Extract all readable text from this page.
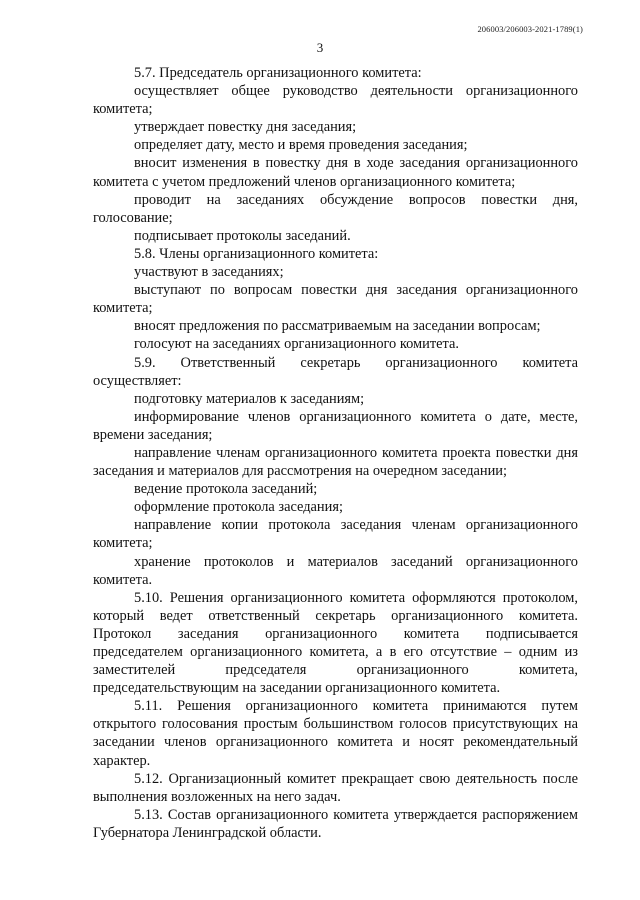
206003/206003-2021-1789(1)
3

5.7. Председатель организационного комитета:

осуществляет общее руководство деятельности организационного комитета;

утверждает повестку дня заседания;

определяет дату, место и время проведения заседания;

вносит изменения в повестку дня в ходе заседания организационного комитета с учетом предложений членов организационного комитета;

проводит на заседаниях обсуждение вопросов повестки дня, голосование;

подписывает протоколы заседаний.

5.8. Члены организационного комитета:

участвуют в заседаниях;

выступают по вопросам повестки дня заседания организационного комитета;

вносят предложения по рассматриваемым на заседании вопросам;

голосуют на заседаниях организационного комитета.

5.9. Ответственный секретарь организационного комитета осуществляет:

подготовку материалов к заседаниям;

информирование членов организационного комитета о дате, месте, времени заседания;

направление членам организационного комитета проекта повестки дня заседания и материалов для рассмотрения на очередном заседании;

ведение протокола заседаний;

оформление протокола заседания;

направление копии протокола заседания членам организационного комитета;

хранение протоколов и материалов заседаний организационного комитета.

5.10. Решения организационного комитета оформляются протоколом, который ведет ответственный секретарь организационного комитета. Протокол заседания организационного комитета подписывается председателем организационного комитета, а в его отсутствие – одним из заместителей председателя организационного комитета, председательствующим на заседании организационного комитета.

5.11. Решения организационного комитета принимаются путем открытого голосования простым большинством голосов присутствующих на заседании членов организационного комитета и носят рекомендательный характер.

5.12. Организационный комитет прекращает свою деятельность после выполнения возложенных на него задач.

5.13. Состав организационного комитета утверждается распоряжением Губернатора Ленинградской области.
